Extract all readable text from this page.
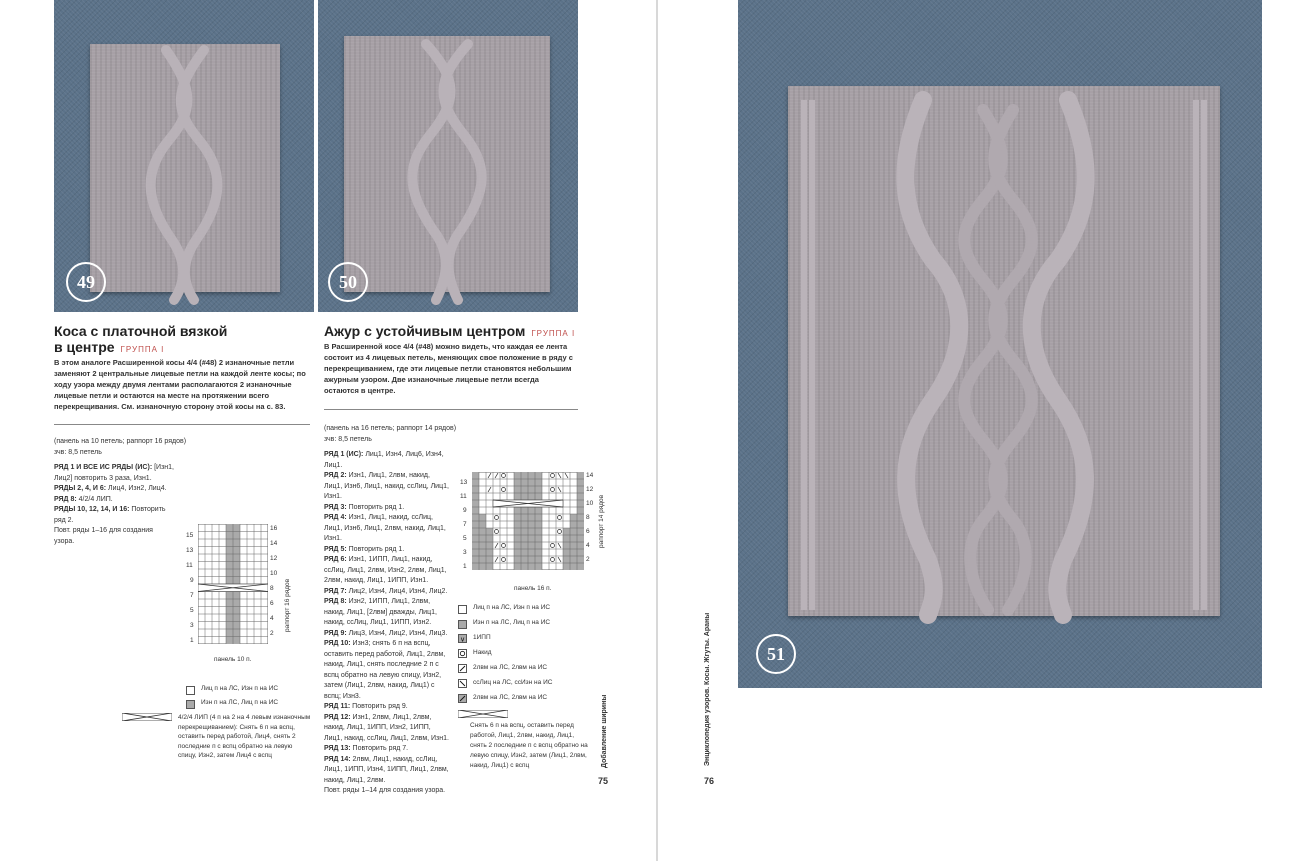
49	50
Коса с платочной вязкой
в центре ГРУППА I
В этом аналоге Расширенной косы 4/4 (#48) 2 изнаночные петли заменяют 2 центральные лицевые петли на каждой ленте косы; по ходу узора между двумя лентами располагаются 2 изнаночные лицевые петли и остаются на месте на протяжении всего перекрещивания. См. изнаночную сторону этой косы на с. 83.
(панель на 10 петель; раппорт 16 рядов)
зчв: 8,5 петель
РЯД 1 И ВСЕ ИС РЯДЫ (ИС): [Изн1, Лиц2] повторить 3 раза, Изн1.
РЯДЫ 2, 4, И 6: Лиц4, Изн2, Лиц4.
РЯД 8: 4/2/4 ЛИП.
РЯДЫ 10, 12, 14, И 16: Повторить ряд 2.
Повт. ряды 1–16 для создания узора.
15
13
11
9
7
5
3
1
16
14
12
10
8
6
4
2
раппорт 16 рядов
панель 10 п.
Лиц п на ЛС, Изн п на ИС
Изн п на ЛС, Лиц п на ИС
4/2/4 ЛИП (4 п на 2 на 4 левым изнаночным перекрещиванием): Снять 6 п на вспц, оставить перед работой, Лиц4, снять 2 последние п с вспц обратно на левую спицу, Изн2, затем Лиц4 с вспц
Ажур с устойчивым центром ГРУППА I
В Расширенной косе 4/4 (#48) можно видеть, что каждая ее лента состоит из 4 лицевых петель, меняющих свое положение в ряду с перекрещиванием, где эти лицевые петли становятся небольшим ажурным узором. Две изнаночные лицевые петли всегда остаются в центре.
(панель на 16 петель; раппорт 14 рядов)
зчв: 8,5 петель
РЯД 1 (ИС): Лиц1, Изн4, Лиц6, Изн4, Лиц1.
РЯД 2: Изн1, Лиц1, 2лвм, накид, Лиц1, Изн6, Лиц1, накид, ссЛиц, Лиц1, Изн1.
РЯД 3: Повторить ряд 1.
РЯД 4: Изн1, Лиц1, накид, ссЛиц, Лиц1, Изн6, Лиц1, 2лвм, накид, Лиц1, Изн1.
РЯД 5: Повторить ряд 1.
РЯД 6: Изн1, 1ИПП, Лиц1, накид, ссЛиц, Лиц1, 2лвм, Изн2, 2лвм, Лиц1, 2лвм, накид, Лиц1, 1ИПП, Изн1.
РЯД 7: Лиц2, Изн4, Лиц4, Изн4, Лиц2.
РЯД 8: Изн2, 1ИПП, Лиц1, 2лвм, накид, Лиц1, [2лвм] дважды, Лиц1, накид, ссЛиц, Лиц1, 1ИПП, Изн2.
РЯД 9: Лиц3, Изн4, Лиц2, Изн4, Лиц3.
РЯД 10: Изн3; снять 6 п на вспц, оставить перед работой, Лиц1, 2лвм, накид, Лиц1, снять последние 2 п с вспц обратно на левую спицу, Изн2, затем (Лиц1, 2лвм, накид, Лиц1) с вспц; Изн3.
РЯД 11: Повторить ряд 9.
РЯД 12: Изн1, 2лвм, Лиц1, 2лвм, накид, Лиц1, 1ИПП, Изн2, 1ИПП, Лиц1, накид, ссЛиц, Лиц1, 2лвм, Изн1.
РЯД 13: Повторить ряд 7.
РЯД 14: 2лвм, Лиц1, накид, ссЛиц, Лиц1, 1ИПП, Изн4, 1ИПП, Лиц1, 2лвм, накид, Лиц1, 2лвм.
Повт. ряды 1–14 для создания узора.
13
11
9
7
5
3
1
14
12
10
8
6
4
2
раппорт 14 рядов
панель 16 п.
Лиц п на ЛС, Изн п на ИС
Изн п на ЛС, Лиц п на ИС
∨ 1ИПП
Накид
2лвм на ЛС, 2лвм на ИС
ссЛиц на ЛС, ссИзн на ИС
2лвм на ЛС, 2лвм на ИС
Снять 6 п на вспц, оставить перед работой, Лиц1, 2лвм, накид, Лиц1, снять 2 последние п с вспц обратно на левую спицу, Изн2, затем (Лиц1, 2лвм, накид, Лиц1) с вспц	Добавление ширины
75
51
Энциклопедия узоров. Косы. Жгуты. Араны
76
